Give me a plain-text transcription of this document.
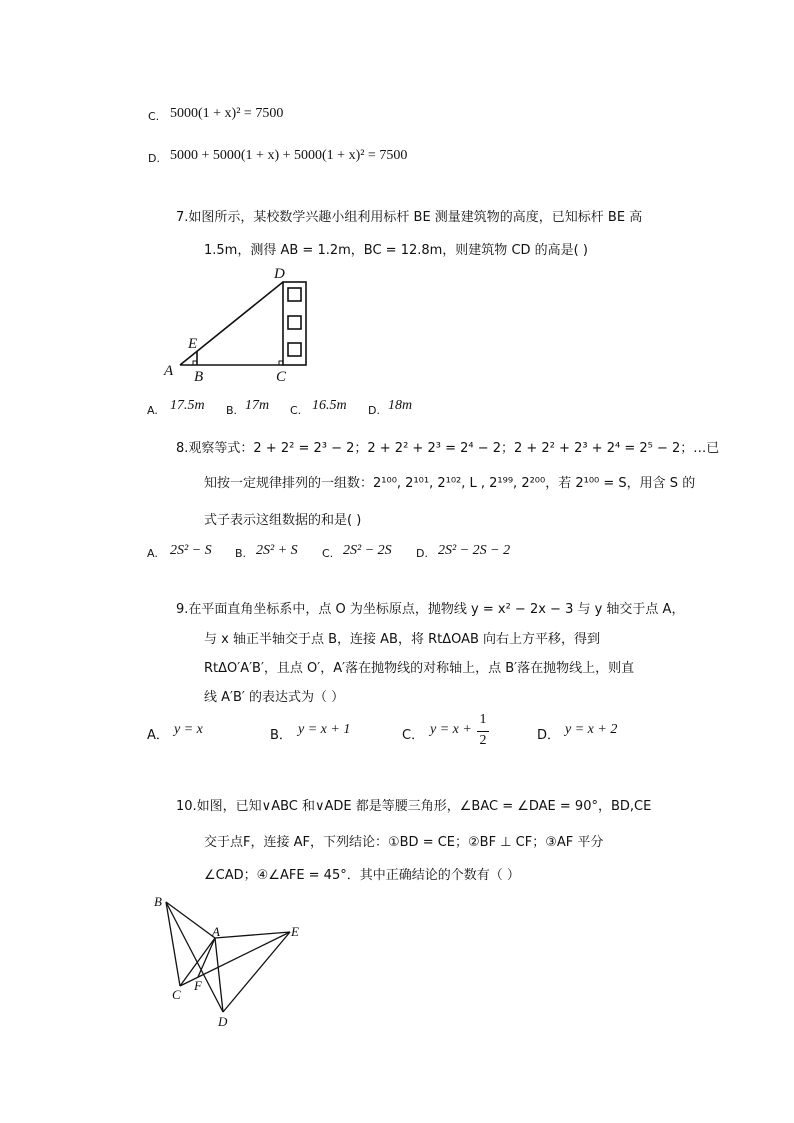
C. 5000(1 + x)² = 7500
D. 5000 + 5000(1 + x) + 5000(1 + x)² = 7500
7.如图所示，某校数学兴趣小组利用标杆 BE 测量建筑物的高度，已知标杆 BE 高
1.5m，测得 AB = 1.2m，BC = 12.8m，则建筑物 CD 的高是( )
D
E
A B	C
A. 17.5m B. 17m C. 16.5m D. 18m
8.观察等式：2 + 2² = 2³ − 2；2 + 2² + 2³ = 2⁴ − 2；2 + 2² + 2³ + 2⁴ = 2⁵ − 2；…已
知按一定规律排列的一组数：2¹⁰⁰, 2¹⁰¹, 2¹⁰², L , 2¹⁹⁹, 2²⁰⁰，若 2¹⁰⁰ = S，用含 S 的
式子表示这组数据的和是( )
A. 2S² − S B. 2S² + S C. 2S² − 2S D. 2S² − 2S − 2
9.在平面直角坐标系中，点 O 为坐标原点，抛物线 y = x² − 2x − 3 与 y 轴交于点 A，
与 x 轴正半轴交于点 B，连接 AB，将 RtΔOAB 向右上方平移，得到
RtΔO′A′B′，且点 O′，A′落在抛物线的对称轴上，点 B′落在抛物线上，则直
线 A′B′ 的表达式为（ ）
A． y = x	B． y = x + 1	C． y = x +
1
2	D． y = x + 2
10.如图，已知∨ABC 和∨ADE 都是等腰三角形，∠BAC = ∠DAE = 90°，BD,CE
交于点F，连接 AF，下列结论：①BD = CE；②BF ⊥ CF；③AF 平分
∠CAD；④∠AFE = 45°．其中正确结论的个数有（ ）
B
A	E
C
F
D
